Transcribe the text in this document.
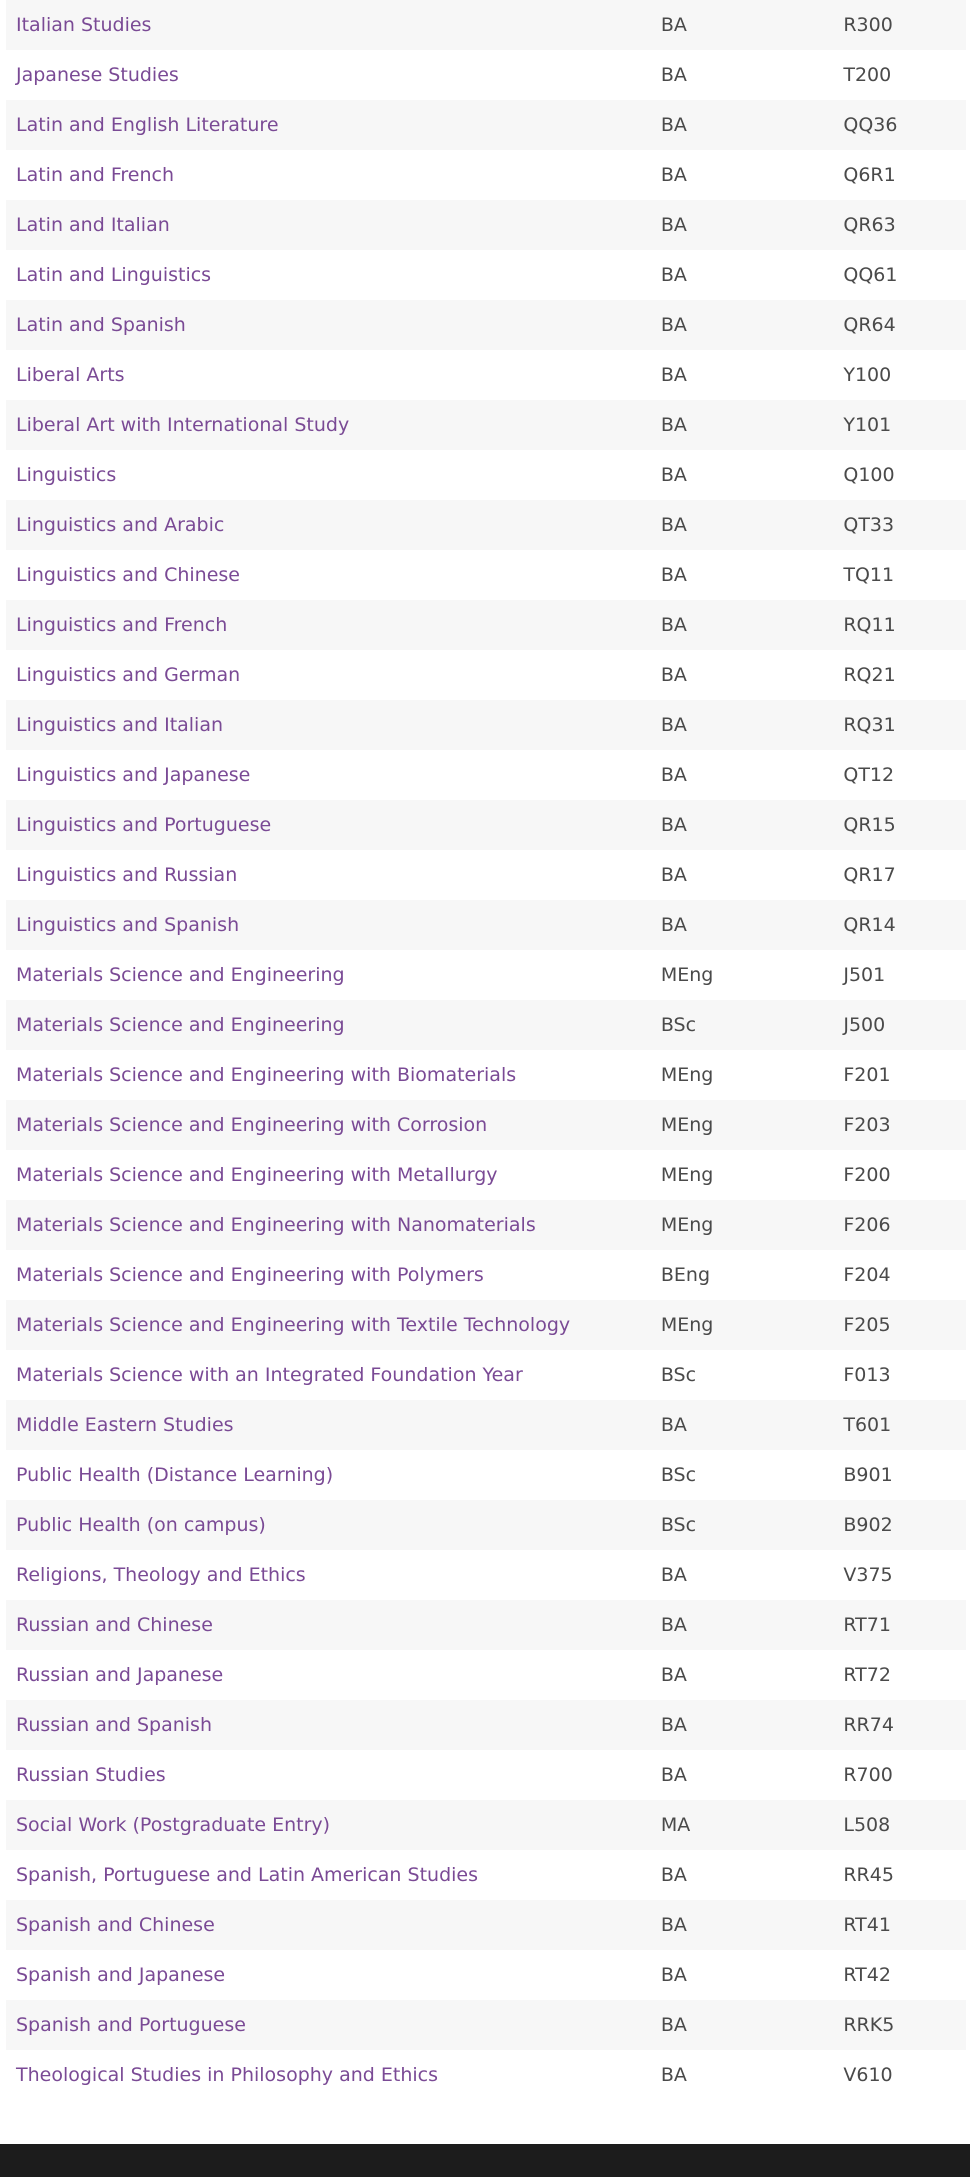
Italian Studies	BA	R300
Japanese Studies	BA	T200
Latin and English Literature	BA	QQ36
Latin and French	BA	Q6R1
Latin and Italian	BA	QR63
Latin and Linguistics	BA	QQ61
Latin and Spanish	BA	QR64
Liberal Arts	BA	Y100
Liberal Art with International Study	BA	Y101
Linguistics	BA	Q100
Linguistics and Arabic	BA	QT33
Linguistics and Chinese	BA	TQ11
Linguistics and French	BA	RQ11
Linguistics and German	BA	RQ21
Linguistics and Italian	BA	RQ31
Linguistics and Japanese	BA	QT12
Linguistics and Portuguese	BA	QR15
Linguistics and Russian	BA	QR17
Linguistics and Spanish	BA	QR14
Materials Science and Engineering	MEng	J501
Materials Science and Engineering	BSc	J500
Materials Science and Engineering with Biomaterials	MEng	F201
Materials Science and Engineering with Corrosion	MEng	F203
Materials Science and Engineering with Metallurgy	MEng	F200
Materials Science and Engineering with Nanomaterials	MEng	F206
Materials Science and Engineering with Polymers	BEng	F204
Materials Science and Engineering with Textile Technology	MEng	F205
Materials Science with an Integrated Foundation Year	BSc	F013
Middle Eastern Studies	BA	T601
Public Health (Distance Learning)	BSc	B901
Public Health (on campus)	BSc	B902
Religions, Theology and Ethics	BA	V375
Russian and Chinese	BA	RT71
Russian and Japanese	BA	RT72
Russian and Spanish	BA	RR74
Russian Studies	BA	R700
Social Work (Postgraduate Entry)	MA	L508
Spanish, Portuguese and Latin American Studies	BA	RR45
Spanish and Chinese	BA	RT41
Spanish and Japanese	BA	RT42
Spanish and Portuguese	BA	RRK5
Theological Studies in Philosophy and Ethics	BA	V610
